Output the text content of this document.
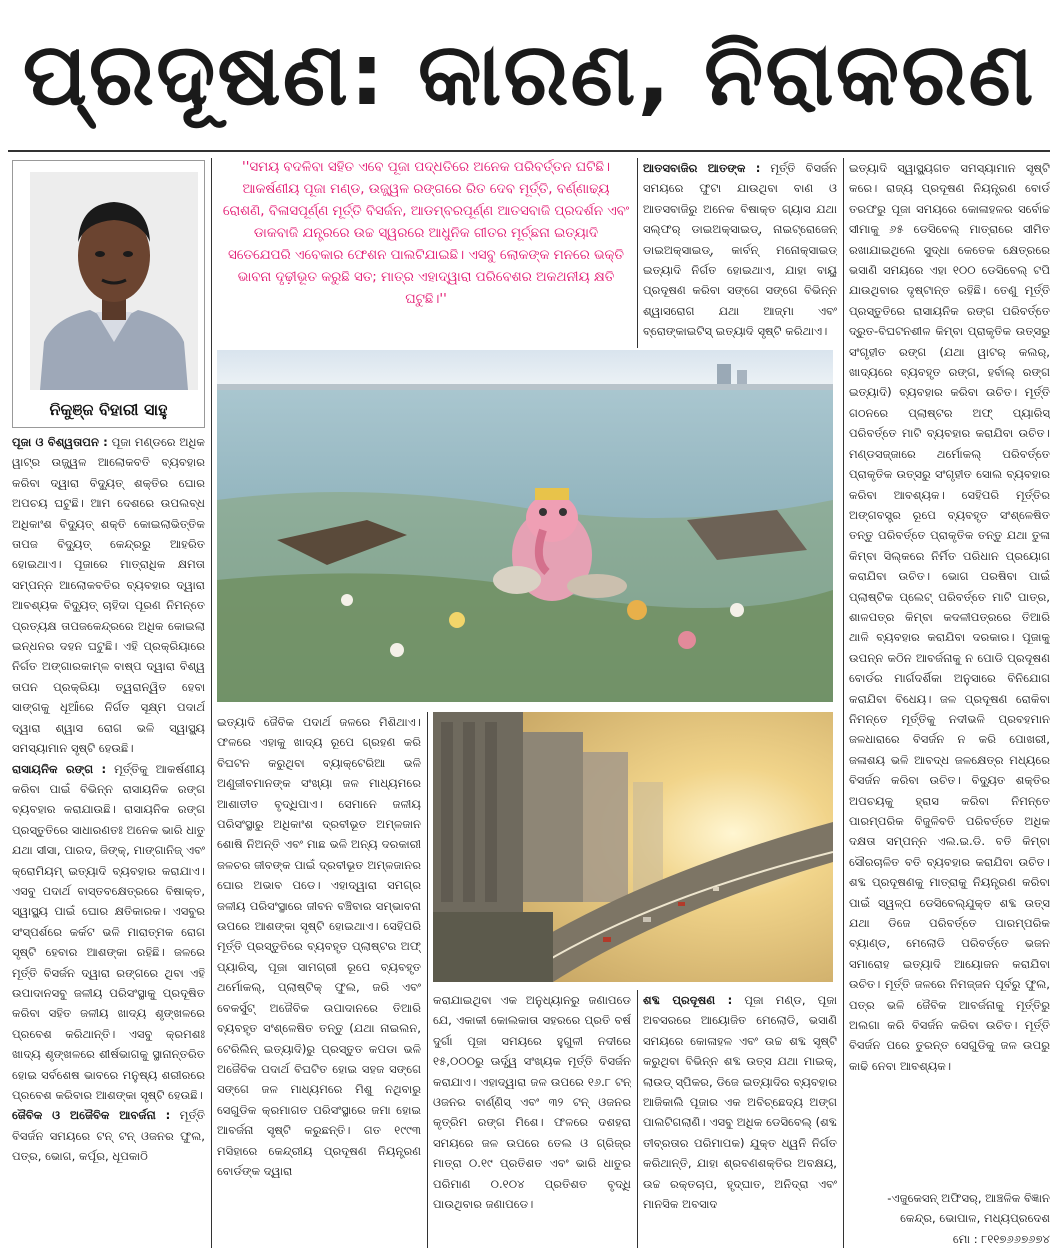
ପ୍ରଦୂଷଣ: କାରଣ, ନିରାକରଣ
ନିକୁଞ୍ଜ ବିହାରୀ ସାହୁ
''ସମୟ ବଦଳିବା ସହିତ ଏବେ ପୂଜା ପଦ୍ଧତିରେ ଅନେକ ପରିବର୍ତ୍ତନ ଘଟିଛି। ଆକର୍ଷଣୀୟ ପୂଜା ମଣ୍ଡ, ଉଜ୍ଜ୍ୱଳ ରଙ୍ଗରେ ରିତ ଦେବ ମୂର୍ତ୍ତି, ବର୍ଣ୍ଣାଢ୍ୟ ରୋଶଣି, ବିଳାସପୂର୍ଣ୍ଣ ମୂର୍ତ୍ତି ବିସର୍ଜନ, ଆଡମ୍ବରପୂର୍ଣ୍ଣ ଆତସବାଜି ପ୍ରଦର୍ଶନ ଏବଂ ଡାକବାଜି ଯନ୍ତ୍ରରେ ଉଚ୍ଚ ସ୍ୱରରେ ଆଧୁନିକ ଗୀତର ମୂର୍ଚ୍ଛନା ଇତ୍ୟାଦି ସତେଯେପରି ଏବେକାର ଫେଶନ ପାଲଟିଯାଇଛି। ଏସବୁ ଲୋକଙ୍କ ମନରେ ଭକ୍ତି ଭାବନା ଦୃଢ଼ୀଭୂତ କରୁଛି ସତ; ମାତ୍ର ଏହାଦ୍ୱାରା ପରିବେଶର ଅକଥନୀୟ କ୍ଷତି ଘଟୁଛି।''

ପୂଜା ଓ ବିଶ୍ୱତାପନ : ପୂଜା ମଣ୍ଡରେ ଅଧିକ ୱାଟ୍‌ର ଉଜ୍ଜ୍ୱଳ ଆଲୋକବତି ବ୍ୟବହାର କରିବା ଦ୍ୱାରା ବିଦ୍ୟୁତ୍ ଶକ୍ତିର ଘୋର ଅପଚୟ ଘଟୁଛି। ଆମ ଦେଶରେ ଉପଲବ୍ଧ ଅଧିକାଂଶ ବିଦ୍ୟୁତ୍ ଶକ୍ତି କୋଇଲାଭିତ୍ତିକ ତାପଜ ବିଦ୍ୟୁତ୍ କେନ୍ଦ୍ରରୁ ଆହରିତ ହୋଇଥାଏ। ପୂଜାରେ ମାତ୍ରାଧିକ କ୍ଷମତା ସମ୍ପନ୍ନ ଆଲୋକବତିର ବ୍ୟବହାର ଦ୍ୱାରା ଆବଶ୍ୟକ ବିଦ୍ୟୁତ୍ ଚାହିଦା ପୂରଣ ନିମନ୍ତେ ପ୍ରତ୍ୟକ୍ଷ ତାପଜକେନ୍ଦ୍ରରେ ଅଧିକ କୋଇଲା ଇନ୍ଧନର ଦହନ ଘଟୁଛି। ଏହି ପ୍ରକ୍ରିୟାରେ ନିର୍ଗତ ଅଙ୍ଗାରକାମ୍ଳ ବାଷ୍ପ ଦ୍ୱାରା ବିଶ୍ୱ ତାପନ ପ୍ରକ୍ରିୟା ତ୍ୱରାନ୍ୱିତ ହେବା ସାଙ୍ଗକୁ ଧୂଆଁରେ ନିର୍ଗତ ସୂକ୍ଷ୍ମ ପଦାର୍ଥ ଦ୍ୱାରା ଶ୍ୱାସ ରୋଗ ଭଳି ସ୍ୱାସ୍ଥ୍ୟ ସମସ୍ୟାମାନ ସୃଷ୍ଟି ହେଉଛି।

ରାସାୟନିକ ରଙ୍ଗ : ମୂର୍ତ୍ତିକୁ ଆକର୍ଷଣୀୟ କରିବା ପାଇଁ ବିଭିନ୍ନ ରାସାୟନିକ ରଙ୍ଗ ବ୍ୟବହାର କରାଯାଉଛି। ରାସାୟନିକ ରଙ୍ଗ ପ୍ରସ୍ତୁତିରେ ସାଧାରଣତଃ ଅନେକ ଭାରି ଧାତୁ ଯଥା ସୀସା, ପାରଦ, ଜିଙ୍କ୍, ମାଙ୍ଗାନିଜ୍ ଏବଂ କ୍ରୋମିୟମ୍ ଇତ୍ୟାଦି ବ୍ୟବହାର କରାଯାଏ। ଏସବୁ ପଦାର୍ଥ ବାସ୍ତବକ୍ଷେତ୍ରରେ ବିଷାକ୍ତ, ସ୍ୱାସ୍ଥ୍ୟ ପାଇଁ ଘୋର କ୍ଷତିକାରକ। ଏସବୁର ସଂସ୍ପର୍ଶରେ କର୍କଟ ଭଳି ମାରାତ୍ମକ ରୋଗ ସୃଷ୍ଟି ହେବାର ଆଶଙ୍କା ରହିଛି। ଜଳରେ ମୂର୍ତ୍ତି ବିସର୍ଜନ ଦ୍ୱାରା ରଙ୍ଗରେ ଥିବା ଏହି ଉପାଦାନସବୁ ଜଳୀୟ ପରିସଂସ୍ଥାକୁ ପ୍ରଦୂଷିତ କରିବା ସହିତ ଜଳୀୟ ଖାଦ୍ୟ ଶୃଙ୍ଖଳରେ ପ୍ରବେଶ କରିଥାନ୍ତି। ଏସବୁ କ୍ରମଶଃ ଖାଦ୍ୟ ଶୃଙ୍ଖଳରେ ଶୀର୍ଷଭାଗକୁ ସ୍ଥାନାନ୍ତରିତ ହୋଇ ସର୍ବଶେଷ ଭାବରେ ମନୁଷ୍ୟ ଶରୀରରେ ପ୍ରବେଶ କରିବାର ଆଶଙ୍କା ସୃଷ୍ଟି ହେଉଛି।

ଜୈବିକ ଓ ଅଜୈବିକ ଆବର୍ଜନା : ମୂର୍ତ୍ତି ବିସର୍ଜନ ସମୟରେ ଟନ୍ ଟନ୍ ଓଜନର ଫୁଲ, ପତ୍ର, ଭୋଗ, କର୍ପୂର, ଧୂପକାଠି

ଇତ୍ୟାଦି ଜୈବିକ ପଦାର୍ଥ ଜଳରେ ମିଶିଥାଏ। ଫଳରେ ଏହାକୁ ଖାଦ୍ୟ ରୂପେ ଗ୍ରହଣ କରି ବିଘଟନ କରୁଥିବା ବ୍ୟାକ୍ଟେରିଆ ଭଳି ଅଣୁଜୀବମାନଙ୍କ ସଂଖ୍ୟା ଜଳ ମାଧ୍ୟମରେ ଆଶାତୀତ ବୃଦ୍ଧିପାଏ। ସେମାନେ ଜଳୀୟ ପରିସଂସ୍ଥାରୁ ଅଧିକାଂଶ ଦ୍ରବୀଭୂତ ଅମ୍ଳଜାନ ଶୋଷି ନିଅନ୍ତି ଏବଂ ମାଛ ଭଳି ଅନ୍ୟ ଦରକାରୀ ଜଳଚର ଜୀବଙ୍କ ପାଇଁ ଦ୍ରବୀଭୂତ ଅମ୍ଳଜାନର ଘୋର ଅଭାବ ପଡେ। ଏହାଦ୍ୱାରା ସମଗ୍ର ଜଳୀୟ ପରିସଂସ୍ଥାରେ ଜୀବନ ବଞ୍ଚିବାର ସମ୍ଭାବନା ଉପରେ ଆଶଙ୍କା ସୃଷ୍ଟି ହୋଇଥାଏ। ସେହିପରି ମୂର୍ତ୍ତି ପ୍ରସ୍ତୁତିରେ ବ୍ୟବହୃତ ପ୍ଲାଷ୍ଟର ଅଫ୍ ପ୍ୟାରିସ୍, ପୂଜା ସାମଗ୍ରୀ ରୂପେ ବ୍ୟବହୃତ ଥର୍ମୋକଲ୍, ପ୍ଲାଷ୍ଟିକ୍ ଫୁଲ, ଜରି ଏବଂ ବେକର୍ସୁଟ୍ ଅଜୈବିକ ଉପାଦାନରେ ତିଆରି ବ୍ୟବହୃତ ସଂଶ୍ଳେଷିତ ତନ୍ତୁ (ଯଥା ନାଇଲନ, ଟେରିଲିନ୍ ଇତ୍ୟାଦି)ରୁ ପ୍ରସ୍ତୁତ କପଡା ଭଳି ଅଜୈବିକ ପଦାର୍ଥ ବିଘଟିତ ହୋଇ ସହଜ ସଙ୍ଗେ ସଙ୍ଗେ ଜଳ ମାଧ୍ୟମରେ ମିଶୁ ନଥିବାରୁ ସେଗୁଡିକ କ୍ରମାଗତ ପରିସଂସ୍ଥାରେ ଜମା ହୋଇ ଆବର୍ଜନା ସୃଷ୍ଟି କରୁଛନ୍ତି। ଗତ ୧୯୯୩ ମସିହାରେ କେନ୍ଦ୍ରୀୟ ପ୍ରଦୂଷଣ ନିୟନ୍ତ୍ରଣ ବୋର୍ଡଙ୍କ ଦ୍ୱାରା

କରାଯାଇଥିବା ଏକ ଅନୁଧ୍ୟାନରୁ ଜଣାପଡେ ଯେ, ଏକାକୀ କୋଲକାତା ସହରରେ ପ୍ରତି ବର୍ଷ ଦୁର୍ଗା ପୂଜା ସମୟରେ ହୁଗୁଳୀ ନଦୀରେ ୧୫,୦୦୦ରୁ ଊର୍ଦ୍ଧ୍ୱ ସଂଖ୍ୟକ ମୂର୍ତ୍ତି ବିସର୍ଜନ କରାଯାଏ। ଏହାଦ୍ୱାରା ଜଳ ଉପରେ ୧୬.୮ ଟନ୍ ଓଜନର ବାର୍ଣ୍ଣିସ୍ ଏବଂ ୩୨ ଟନ୍ ଓଜନର କୃତ୍ରିମ ରଙ୍ଗ ମିଶେ। ଫଳରେ ଦଶହରା ସମୟରେ ଜଳ ଉପରେ ତେଲ ଓ ଗ୍ରିଜ୍‌ର ମାତ୍ରା ୦.୧୯ ପ୍ରତିଶତ ଏବଂ ଭାରି ଧାତୁର ପରିମାଣ ୦.୧୦୪ ପ୍ରତିଶତ ବୃଦ୍ଧି ପାଉଥିବାର ଜଣାପଡେ।

ଆତସବାଜିର ଆତଙ୍କ : ମୂର୍ତ୍ତି ବିସର୍ଜନ ସମୟରେ ଫୁଟା ଯାଉଥିବା ବାଣ ଓ ଆତସବାଜିରୁ ଅନେକ ବିଷାକ୍ତ ଗ୍ୟାସ ଯଥା ସଲ୍‌ଫର୍ ଡାଇଅକ୍ସାଇଡ୍, ନାଇଟ୍ରୋଜେନ୍ ଡାଇଅକ୍ସାଇଡ୍, କାର୍ବନ୍ ମନୋକ୍ସାଇଡ୍ ଇତ୍ୟାଦି ନିର୍ଗତ ହୋଇଥାଏ, ଯାହା ବାୟୁ ପ୍ରଦୂଷଣ କରିବା ସଙ୍ଗେ ସଙ୍ଗେ ବିଭିନ୍ନ ଶ୍ୱାସରୋଗ ଯଥା ଆଜ୍ମା ଏବଂ ବ୍ରୋଙ୍କାଇଟିସ୍ ଇତ୍ୟାଦି ସୃଷ୍ଟି କରିଥାଏ।

ଶବ୍ଦ ପ୍ରଦୂଷଣ : ପୂଜା ମଣ୍ଡ, ପୂଜା ଅବସରରେ ଆୟୋଜିତ ମେଲୋଡି, ଭସାଣି ସମୟରେ କୋଳାହଳ ଏବଂ ଉଚ୍ଚ ଶବ୍ଦ ସୃଷ୍ଟି କରୁଥିବା ବିଭିନ୍ନ ଶବ୍ଦ ଉତ୍ସ ଯଥା ମାଇକ୍, ଲାଉଡ୍ ସ୍ପିକର, ଡିଜେ ଇତ୍ୟାଦିର ବ୍ୟବହାର ଆଜିକାଲି ପୂଜାର ଏକ ଅବିଚ୍ଛେଦ୍ୟ ଅଙ୍ଗ ପାଲଟିଗଲାଣି। ଏସବୁ ଅଧିକ ଡେସିବେଲ୍ (ଶବ୍ଦ ତୀବ୍ରତାର ପରିମାପକ) ଯୁକ୍ତ ଧ୍ୱନି ନିର୍ଗତ କରିଥାନ୍ତି, ଯାହା ଶ୍ରବଣଶକ୍ତିର ଅବକ୍ଷୟ, ଉଚ୍ଚ ରକ୍ତଚାପ, ହୃଦ୍‌ଘାତ, ଅନିଦ୍ରା ଏବଂ ମାନସିକ ଅବସାଦ

ଇତ୍ୟାଦି ସ୍ୱାସ୍ଥ୍ୟଗତ ସମସ୍ୟାମାନ ସୃଷ୍ଟି କରେ। ରାଜ୍ୟ ପ୍ରଦୂଷଣ ନିୟନ୍ତ୍ରଣ ବୋର୍ଡ ତରଫରୁ ପୂଜା ସମୟରେ କୋଳାହଳର ସର୍ବୋଚ୍ଚ ସୀମାକୁ ୬୫ ଡେସିବେଲ୍ ମାତ୍ରାରେ ସୀମିତ ରଖାଯାଇଥିଲେ ସୁଦ୍ଧା କେତେକ କ୍ଷେତ୍ରରେ ଭସାଣି ସମୟରେ ଏହା ୧୦୦ ଡେସିବେଲ୍ ଟପି ଯାଉଥିବାର ଦୃଷ୍ଟାନ୍ତ ରହିଛି। ତେଣୁ ମୂର୍ତ୍ତି ପ୍ରସ୍ତୁତିରେ ରାସାୟନିକ ରଙ୍ଗ ପରିବର୍ତ୍ତେ ଦ୍ରୁତ-ବିଘଟନଶୀଳ କିମ୍ବା ପ୍ରାକୃତିକ ଉତ୍ସରୁ ସଂଗୃହୀତ ରଙ୍ଗ (ଯଥା ୱାଟର୍ କଲର୍, ଖାଦ୍ୟରେ ବ୍ୟବହୃତ ରଙ୍ଗ, ହର୍ବାଲ୍ ରଙ୍ଗ ଇତ୍ୟାଦି) ବ୍ୟବହାର କରିବା ଉଚିତ। ମୂର୍ତ୍ତି ଗଠନରେ ପ୍ଲାଷ୍ଟର ଅଫ୍ ପ୍ୟାରିସ୍ ପରିବର୍ତ୍ତେ ମାଟି ବ୍ୟବହାର କରାଯିବା ଉଚିତ। ମଣ୍ଡସଜ୍ଜାରେ ଥର୍ମୋକଲ୍ ପରିବର୍ତ୍ତେ ପ୍ରାକୃତିକ ଉତ୍ସରୁ ସଂଗୃହୀତ ସୋଲ ବ୍ୟବହାର କରିବା ଆବଶ୍ୟକ। ସେହିପରି ମୂର୍ତ୍ତିର ଅଙ୍ଗବସ୍ତ୍ର ରୂପେ ବ୍ୟବହୃତ ସଂଶ୍ଳେଷିତ ତନ୍ତୁ ପରିବର୍ତ୍ତେ ପ୍ରାକୃତିକ ତନ୍ତୁ ଯଥା ତୁଳା କିମ୍ବା ସିଲ୍କରେ ନିର୍ମିତ ପରିଧାନ ପ୍ରୟୋଗ କରାଯିବା ଉଚିତ। ଭୋଗ ପରଷିବା ପାଇଁ ପ୍ଲାଷ୍ଟିକ ପ୍ଲେଟ୍ ପରିବର୍ତ୍ତେ ମାଟି ପାତ୍ର, ଶାଳପତ୍ର କିମ୍ବା କଦଳୀପତ୍ରରେ ତିଆରି ଥାଳି ବ୍ୟବହାର କରାଯିବା ଦରକାର। ପୂଜାକୁ ଉପନ୍ନ କଠିନ ଆବର୍ଜନାକୁ ନ ପୋଡି ପ୍ରଦୂଷଣ ବୋର୍ଡର ମାର୍ଗଦର୍ଶିକା ଅନୁସାରେ ବିନିଯୋଗ କରାଯିବା ବିଧେୟ। ଜଳ ପ୍ରଦୂଷଣ ରୋକିବା ନିମନ୍ତେ ମୂର୍ତ୍ତିକୁ ନଦୀଭଳି ପ୍ରବହମାନ ଜଳଧାରାରେ ବିସର୍ଜନ ନ କରି ପୋଖରୀ, ଜଳାଶୟ ଭଳି ଆବଦ୍ଧ ଜଳକ୍ଷେତ୍ର ମଧ୍ୟରେ ବିସର୍ଜନ କରିବା ଉଚିତ। ବିଦ୍ୟୁତ ଶକ୍ତିର ଅପଚୟକୁ ହ୍ରାସ କରିବା ନିମନ୍ତେ ପାରମ୍ପରିକ ବିଜୁଳିବତି ପରିବର୍ତ୍ତେ ଅଧିକ ଦକ୍ଷତା ସମ୍ପନ୍ନ ଏଲ.ଇ.ଡି. ବତି କିମ୍ବା ସୌରଚାଳିତ ବତି ବ୍ୟବହାର କରାଯିବା ଉଚିତ। ଶବ୍ଦ ପ୍ରଦୂଷଣକୁ ମାତ୍ରାକୁ ନିୟନ୍ତ୍ରଣ କରିବା ପାଇଁ ସ୍ୱଳ୍ପ ଡେସିବେଲ୍‌ଯୁକ୍ତ ଶବ୍ଦ ଉତ୍ସ ଯଥା ଡିଜେ ପରିବର୍ତ୍ତେ ପାରମ୍ପରିକ ବ୍ୟାଣ୍ଡ, ମେଲୋଡି ପରିବର୍ତ୍ତେ ଭଜନ ସମାରୋହ ଇତ୍ୟାଦି ଆୟୋଜନ କରାଯିବା ଉଚିତ। ମୂର୍ତ୍ତି ଜଳରେ ନିମଜ୍ଜନ ପୂର୍ବରୁ ଫୁଲ, ପତ୍ର ଭଳି ଜୈବିକ ଆବର୍ଜନାକୁ ମୂର୍ତ୍ତିରୁ ଅଲଗା କରି ବିସର୍ଜନ କରିବା ଉଚିତ। ମୂର୍ତ୍ତି ବିସର୍ଜନ ପରେ ତୁରନ୍ତ ସେଗୁଡିକୁ ଜଳ ଉପରୁ କାଢି ନେବା ଆବଶ୍ୟକ।

-ଏଜୁକେସନ୍ ଅଫିସର୍, ଆଞ୍ଚଳିକ ବିଜ୍ଞାନ

କେନ୍ଦ୍ର, ଭୋପାଳ, ମଧ୍ୟପ୍ରଦେଶ

ମୋ : ୮୧୧୭୬୬୭୬୭୪
